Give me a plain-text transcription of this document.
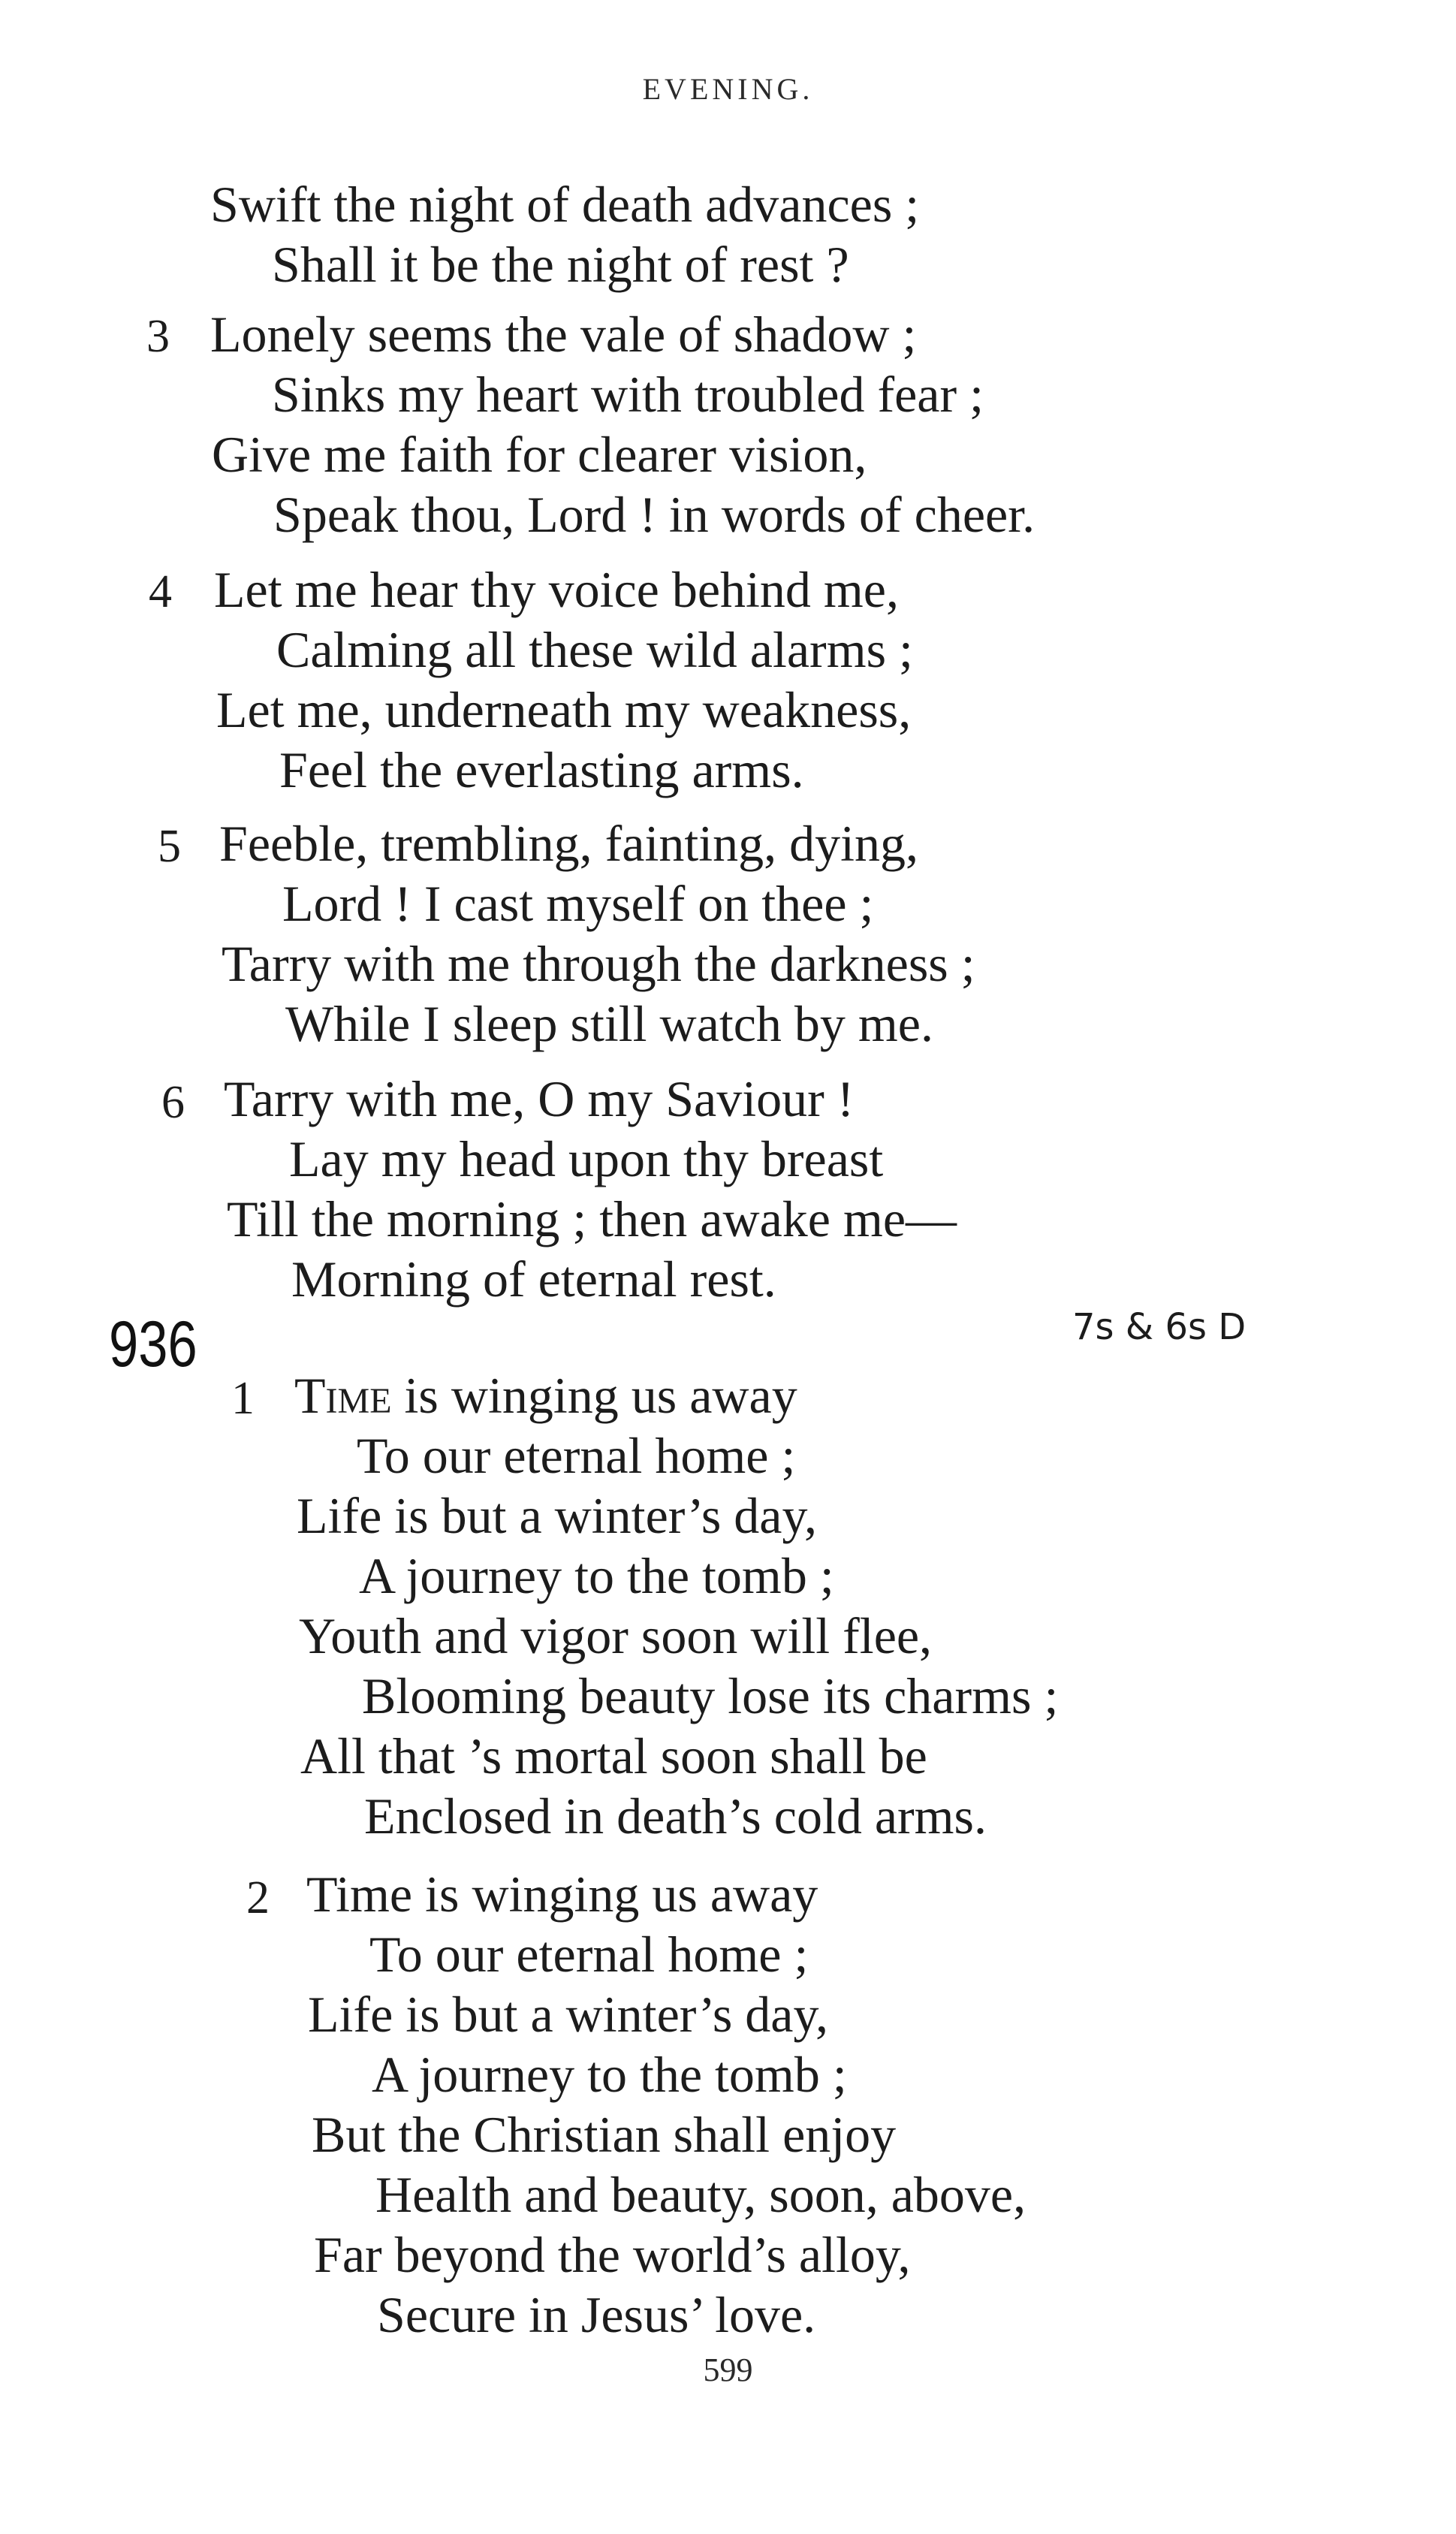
EVENING.
Swift the night of death advances ;
Shall it be the night of rest ?
3 Lonely seems the vale of shadow ;
Sinks my heart with troubled fear ;
Give me faith for clearer vision,
Speak thou, Lord ! in words of cheer.
4 Let me hear thy voice behind me,
Calming all these wild alarms ;
Let me, underneath my weakness,
Feel the everlasting arms.
5 Feeble, trembling, fainting, dying,
Lord ! I cast myself on thee ;
Tarry with me through the darkness ;
While I sleep still watch by me.
6 Tarry with me, O my Saviour !
Lay my head upon thy breast
Till the morning ; then awake me—
Morning of eternal rest.
936	7s & 6s D
1 Time is winging us away
To our eternal home ;
Life is but a winter’s day,
A journey to the tomb ;
Youth and vigor soon will flee,
Blooming beauty lose its charms ;
All that ’s mortal soon shall be
Enclosed in death’s cold arms.
2 Time is winging us away
To our eternal home ;
Life is but a winter’s day,
A journey to the tomb ;
But the Christian shall enjoy
Health and beauty, soon, above,
Far beyond the world’s alloy,
Secure in Jesus’ love.
599
